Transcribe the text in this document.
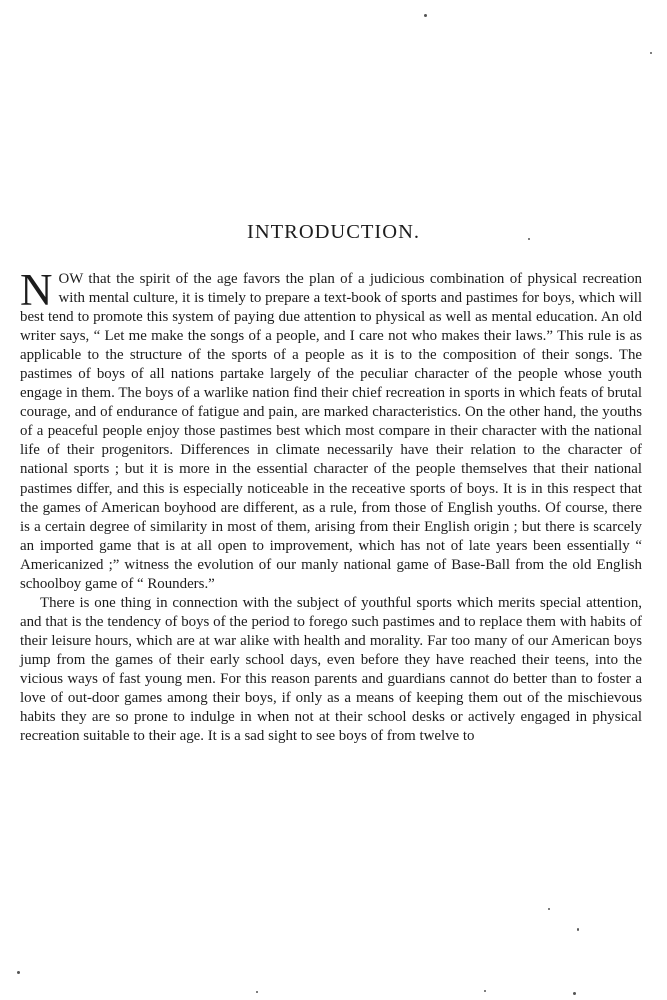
INTRODUCTION.

NOW that the spirit of the age favors the plan of a judicious combination of physical recreation with mental culture, it is timely to prepare a text-book of sports and pastimes for boys, which will best tend to promote this system of paying due attention to physical as well as mental education. An old writer says, “ Let me make the songs of a people, and I care not who makes their laws.” This rule is as applicable to the structure of the sports of a people as it is to the composition of their songs. The pastimes of boys of all nations partake largely of the peculiar character of the people whose youth engage in them. The boys of a warlike nation find their chief recreation in sports in which feats of brutal courage, and of endurance of fatigue and pain, are marked characteristics. On the other hand, the youths of a peaceful people enjoy those pastimes best which most compare in their character with the national life of their progenitors. Differences in climate necessarily have their relation to the character of national sports ; but it is more in the essential character of the people themselves that their national pastimes differ, and this is especially noticeable in the receative sports of boys. It is in this respect that the games of American boyhood are different, as a rule, from those of English youths. Of course, there is a certain degree of similarity in most of them, arising from their English origin ; but there is scarcely an imported game that is at all open to improvement, which has not of late years been essentially “ Americanized ;” witness the evolution of our manly national game of Base-Ball from the old English schoolboy game of “ Rounders.”

There is one thing in connection with the subject of youthful sports which merits special attention, and that is the tendency of boys of the period to forego such pastimes and to replace them with habits of their leisure hours, which are at war alike with health and morality. Far too many of our American boys jump from the games of their early school days, even before they have reached their teens, into the vicious ways of fast young men. For this reason parents and guardians cannot do better than to foster a love of out-door games among their boys, if only as a means of keeping them out of the mischievous habits they are so prone to indulge in when not at their school desks or actively engaged in physical recreation suitable to their age. It is a sad sight to see boys of from twelve to
